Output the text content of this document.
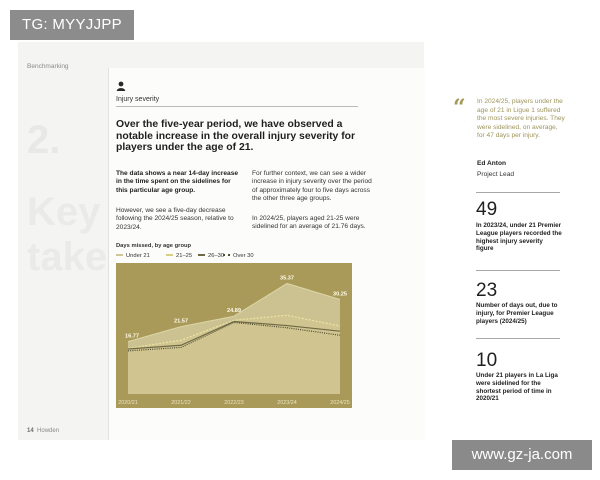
TG: MYYJJPP
Benchmarking
2.
Key
take
14 Howden
Injury severity
Over the five-year period, we have observed a notable increase in the overall injury severity for players under the age of 21.
The data shows a near 14-day increase in the time spent on the sidelines for this particular age group.
However, we see a five-day decrease following the 2024/25 season, relative to 2023/24.
For further context, we can see a wider increase in injury severity over the period of approximately four to five days across the other three age groups.
In 2024/25, players aged 21-25 were sidelined for an average of 21.76 days.
Days missed, by age group
Under 21	21–25	26–30	Over 30
16.77
21.57
24.89
35.37
30.25
2020/21	2021/22	2022/23	2023/24	2024/25
“ In 2024/25, players under the age of 21 in Ligue 1 suffered the most severe injuries. They were sidelined, on average, for 47 days per injury.
Ed Anton
Project Lead
49
In 2023/24, under 21 Premier League players recorded the highest injury severity figure
23
Number of days out, due to injury, for Premier League players (2024/25)
10
Under 21 players in La Liga were sidelined for the shortest period of time in 2020/21
www.gz-ja.com
